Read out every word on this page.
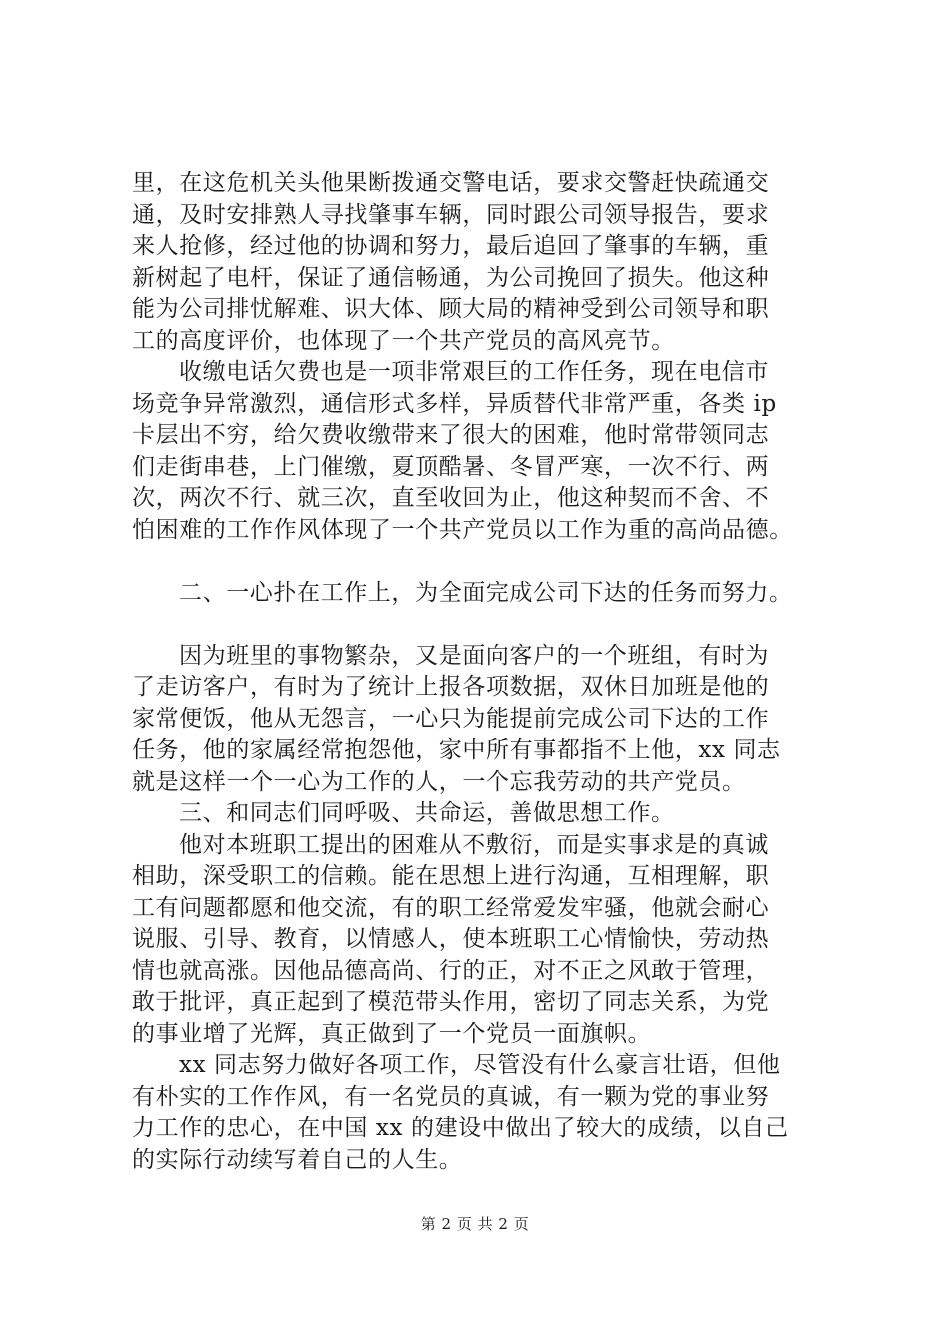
里，在这危机关头他果断拨通交警电话，要求交警赶快疏通交
通，及时安排熟人寻找肇事车辆，同时跟公司领导报告，要求
来人抢修，经过他的协调和努力，最后追回了肇事的车辆，重
新树起了电杆，保证了通信畅通，为公司挽回了损失。他这种
能为公司排忧解难、识大体、顾大局的精神受到公司领导和职
工的高度评价，也体现了一个共产党员的高风亮节。
收缴电话欠费也是一项非常艰巨的工作任务，现在电信市
场竞争异常激烈，通信形式多样，异质替代非常严重，各类 ip
卡层出不穷，给欠费收缴带来了很大的困难，他时常带领同志
们走街串巷，上门催缴，夏顶酷暑、冬冒严寒，一次不行、两
次，两次不行、就三次，直至收回为止，他这种契而不舍、不
怕困难的工作作风体现了一个共产党员以工作为重的高尚品德。
二、一心扑在工作上，为全面完成公司下达的任务而努力。
因为班里的事物繁杂，又是面向客户的一个班组，有时为
了走访客户，有时为了统计上报各项数据，双休日加班是他的
家常便饭，他从无怨言，一心只为能提前完成公司下达的工作
任务，他的家属经常抱怨他，家中所有事都指不上他，xx 同志
就是这样一个一心为工作的人，一个忘我劳动的共产党员。
三、和同志们同呼吸、共命运，善做思想工作。
他对本班职工提出的困难从不敷衍，而是实事求是的真诚
相助，深受职工的信赖。能在思想上进行沟通，互相理解，职
工有问题都愿和他交流，有的职工经常爱发牢骚，他就会耐心
说服、引导、教育，以情感人，使本班职工心情愉快，劳动热
情也就高涨。因他品德高尚、行的正，对不正之风敢于管理，
敢于批评，真正起到了模范带头作用，密切了同志关系，为党
的事业增了光辉，真正做到了一个党员一面旗帜。
xx 同志努力做好各项工作，尽管没有什么豪言壮语，但他
有朴实的工作作风，有一名党员的真诚，有一颗为党的事业努
力工作的忠心，在中国 xx 的建设中做出了较大的成绩，以自己
的实际行动续写着自己的人生。
第 2 页 共 2 页
